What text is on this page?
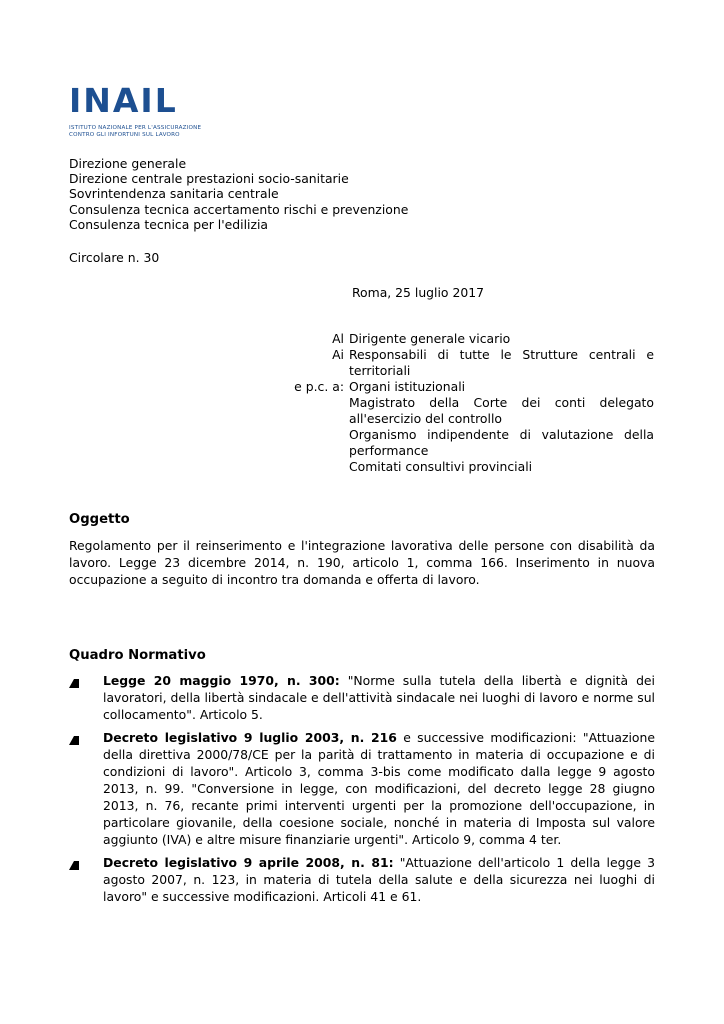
INAIL
ISTITUTO NAZIONALE PER L'ASSICURAZIONE
CONTRO GLI INFORTUNI SUL LAVORO
Direzione generale
Direzione centrale prestazioni socio-sanitarie
Sovrintendenza sanitaria centrale
Consulenza tecnica accertamento rischi e prevenzione
Consulenza tecnica per l'edilizia
Circolare n. 30
Roma, 25 luglio 2017
Al Dirigente generale vicario
Ai Responsabili di tutte le Strutture centrali e territoriali
e p.c. a: Organi istituzionali
Magistrato della Corte dei conti delegato all'esercizio del controllo
Organismo indipendente di valutazione della performance
Comitati consultivi provinciali
Oggetto
Regolamento per il reinserimento e l'integrazione lavorativa delle persone con disabilità da lavoro. Legge 23 dicembre 2014, n. 190, articolo 1, comma 166. Inserimento in nuova occupazione a seguito di incontro tra domanda e offerta di lavoro.
Quadro Normativo
Legge 20 maggio 1970, n. 300: "Norme sulla tutela della libertà e dignità dei lavoratori, della libertà sindacale e dell'attività sindacale nei luoghi di lavoro e norme sul collocamento". Articolo 5.
Decreto legislativo 9 luglio 2003, n. 216 e successive modificazioni: "Attuazione della direttiva 2000/78/CE per la parità di trattamento in materia di occupazione e di condizioni di lavoro". Articolo 3, comma 3-bis come modificato dalla legge 9 agosto 2013, n. 99. "Conversione in legge, con modificazioni, del decreto legge 28 giugno 2013, n. 76, recante primi interventi urgenti per la promozione dell'occupazione, in particolare giovanile, della coesione sociale, nonché in materia di Imposta sul valore aggiunto (IVA) e altre misure finanziarie urgenti". Articolo 9, comma 4 ter.
Decreto legislativo 9 aprile 2008, n. 81: "Attuazione dell'articolo 1 della legge 3 agosto 2007, n. 123, in materia di tutela della salute e della sicurezza nei luoghi di lavoro" e successive modificazioni. Articoli 41 e 61.
